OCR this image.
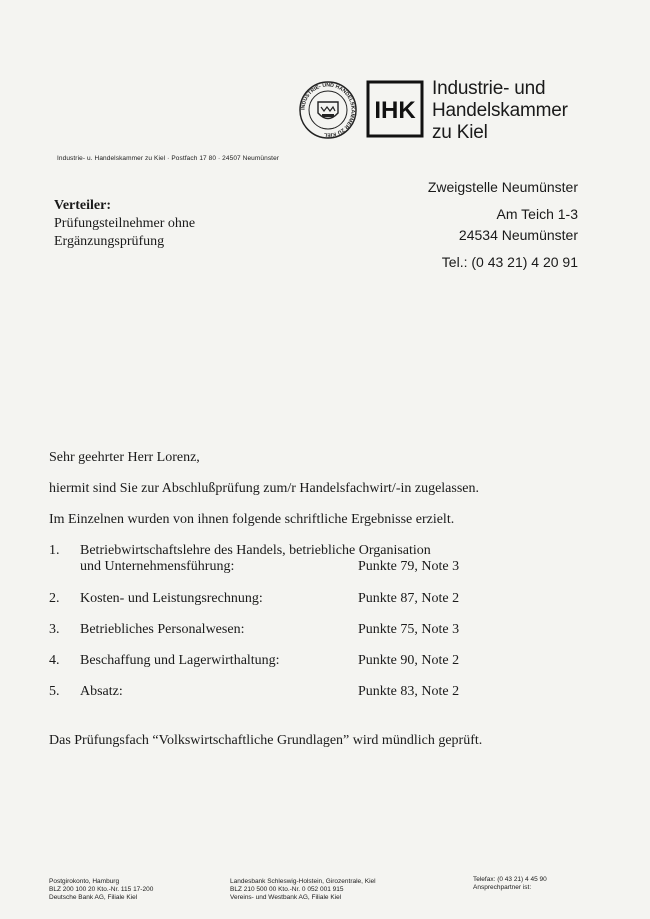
INDUSTRIE- UND HANDELSKAMMER ZU KIEL
IHK
Industrie- und
Handelskammer
zu Kiel
Industrie- u. Handelskammer zu Kiel · Postfach 17 80 · 24507 Neumünster
Zweigstelle Neumünster
Am Teich 1-3
24534 Neumünster
Tel.: (0 43 21) 4 20 91
Verteiler:
Prüfungsteilnehmer ohne
Ergänzungsprüfung
Sehr geehrter Herr Lorenz,
hiermit sind Sie zur Abschlußprüfung zum/r Handelsfachwirt/-in zugelassen.
Im Einzelnen wurden von ihnen folgende schriftliche Ergebnisse erzielt.
1. Betriebwirtschaftslehre des Handels, betriebliche Organisation
und Unternehmensführung:	Punkte 79, Note 3
2. Kosten- und Leistungsrechnung:	Punkte 87, Note 2
3. Betriebliches Personalwesen:	Punkte 75, Note 3
4. Beschaffung und Lagerwirthaltung:	Punkte 90, Note 2
5. Absatz:	Punkte 83, Note 2
Das Prüfungsfach “Volkswirtschaftliche Grundlagen” wird mündlich geprüft.
Postgirokonto, Hamburg
BLZ 200 100 20 Kto.-Nr. 115 17-200
Deutsche Bank AG, Filiale Kiel
Landesbank Schleswig-Holstein, Girozentrale, Kiel
BLZ 210 500 00 Kto.-Nr. 0 052 001 915
Vereins- und Westbank AG, Filiale Kiel
Telefax: (0 43 21) 4 45 90
Ansprechpartner ist:
